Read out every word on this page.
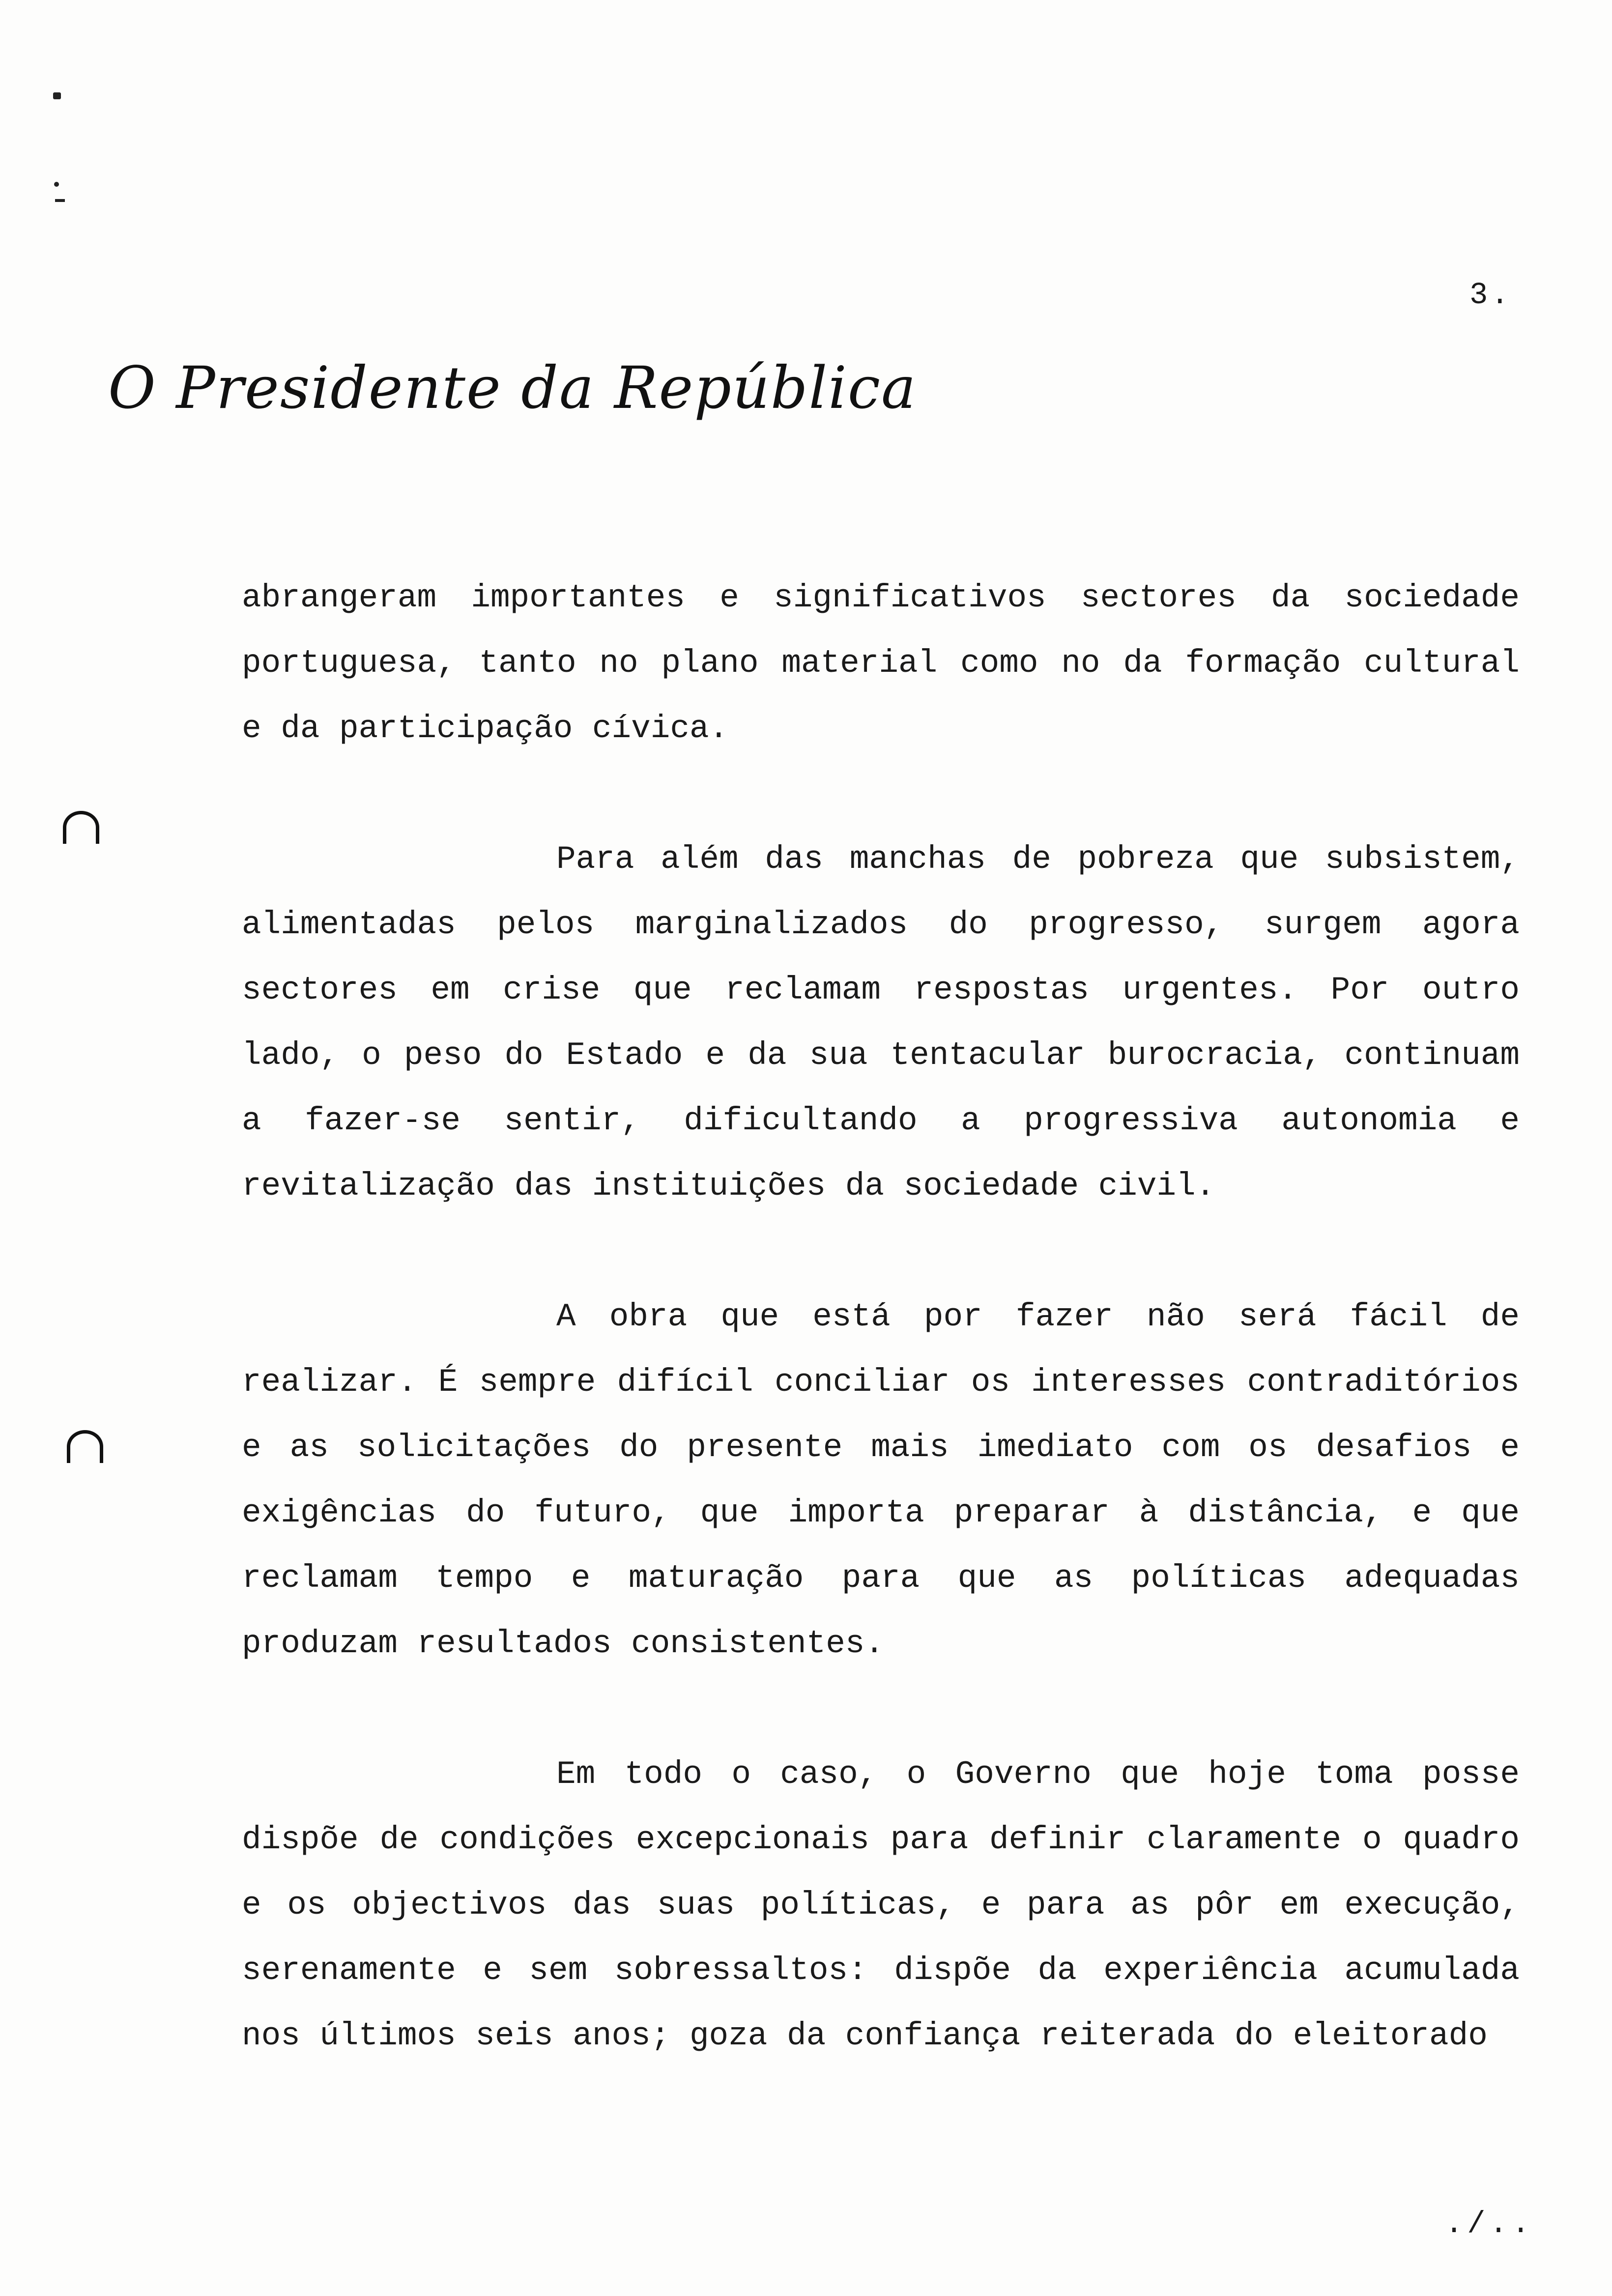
3.
O Presidente da República

abrangeram importantes e significativos sectores da sociedade portuguesa, tanto no plano material como no da formação cultural e da participação cívica.

Para além das manchas de pobreza que subsistem, alimentadas pelos marginalizados do progresso, surgem agora sectores em crise que reclamam respostas urgentes. Por outro lado, o peso do Estado e da sua tentacular burocracia, continuam a fazer-se sentir, dificultando a progressiva autonomia e revitalização das instituições da sociedade civil.

A obra que está por fazer não será fácil de realizar. É sempre difícil conciliar os interesses contraditórios e as solicitações do presente mais imediato com os desafios e exigências do futuro, que importa preparar à distância, e que reclamam tempo e maturação para que as políticas adequadas produzam resultados consistentes.

Em todo o caso, o Governo que hoje toma posse dispõe de condições excepcionais para definir claramente o quadro e os objectivos das suas políticas, e para as pôr em execução, serenamente e sem sobressaltos: dispõe da experiência acumulada nos últimos seis anos; goza da confiança reiterada do eleitorado

./..
